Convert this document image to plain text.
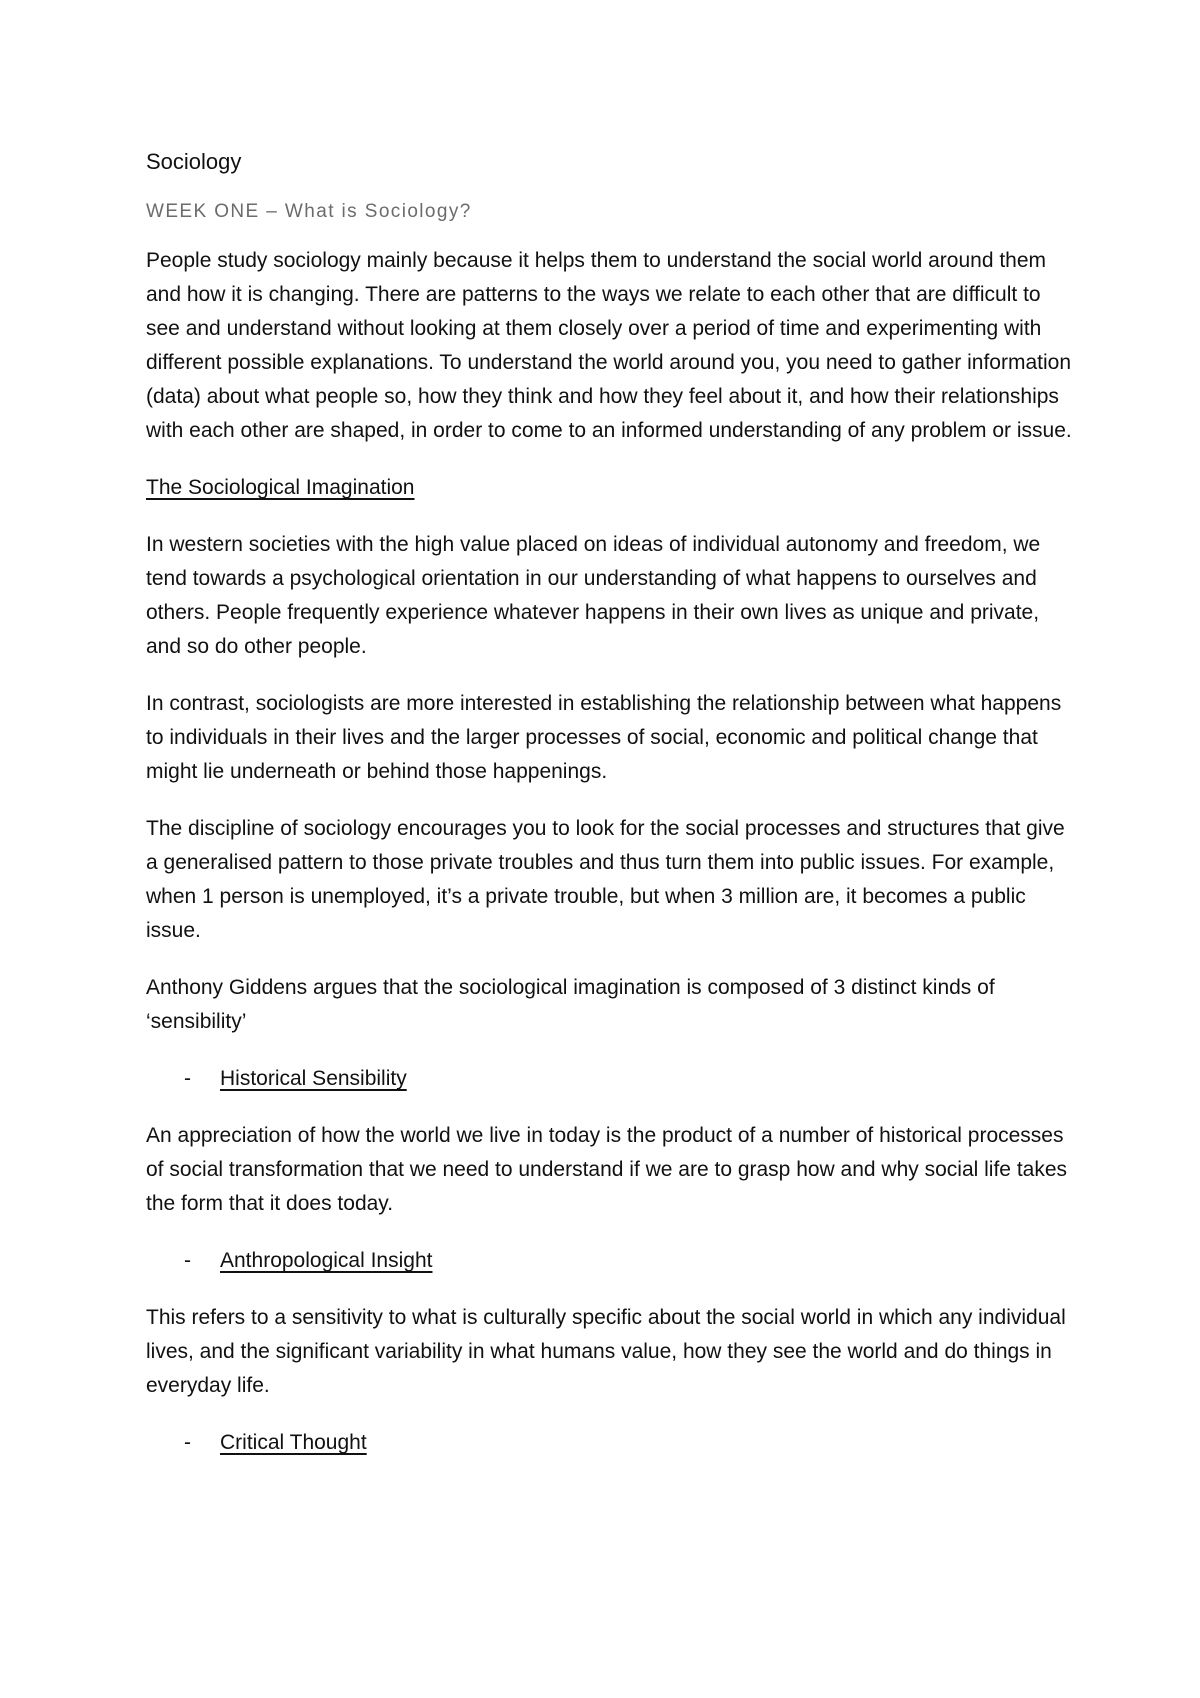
Sociology
WEEK ONE – What is Sociology?

People study sociology mainly because it helps them to understand the social world around them and how it is changing. There are patterns to the ways we relate to each other that are difficult to see and understand without looking at them closely over a period of time and experimenting with different possible explanations. To understand the world around you, you need to gather information (data) about what people so, how they think and how they feel about it, and how their relationships with each other are shaped, in order to come to an informed understanding of any problem or issue.

The Sociological Imagination

In western societies with the high value placed on ideas of individual autonomy and freedom, we tend towards a psychological orientation in our understanding of what happens to ourselves and others. People frequently experience whatever happens in their own lives as unique and private, and so do other people.

In contrast, sociologists are more interested in establishing the relationship between what happens to individuals in their lives and the larger processes of social, economic and political change that might lie underneath or behind those happenings.

The discipline of sociology encourages you to look for the social processes and structures that give a generalised pattern to those private troubles and thus turn them into public issues. For example, when 1 person is unemployed, it’s a private trouble, but when 3 million are, it becomes a public issue.

Anthony Giddens argues that the sociological imagination is composed of 3 distinct kinds of ‘sensibility’

-	Historical Sensibility

An appreciation of how the world we live in today is the product of a number of historical processes of social transformation that we need to understand if we are to grasp how and why social life takes the form that it does today.

-	Anthropological Insight

This refers to a sensitivity to what is culturally specific about the social world in which any individual lives, and the significant variability in what humans value, how they see the world and do things in everyday life.

-	Critical Thought
